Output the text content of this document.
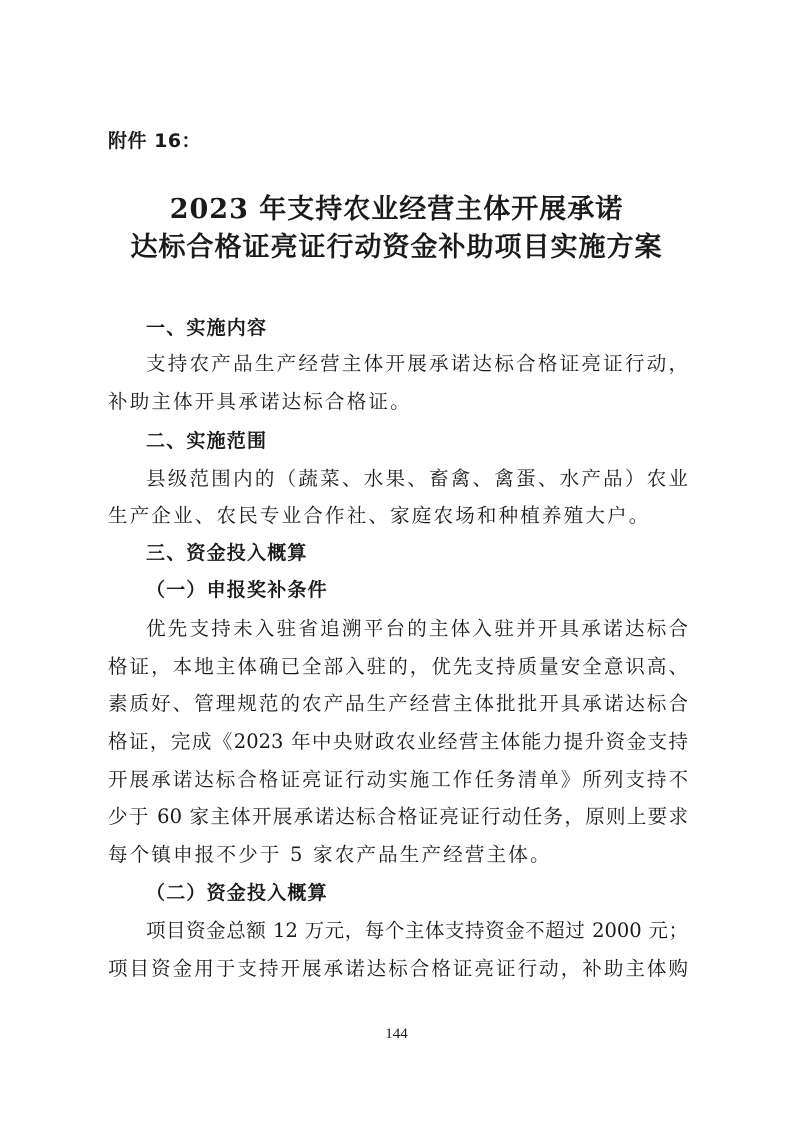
附件 16：
2023 年支持农业经营主体开展承诺
达标合格证亮证行动资金补助项目实施方案
一、实施内容
支持农产品生产经营主体开展承诺达标合格证亮证行动，
补助主体开具承诺达标合格证。
二、实施范围
县级范围内的（蔬菜、水果、畜禽、禽蛋、水产品）农业
生产企业、农民专业合作社、家庭农场和种植养殖大户。
三、资金投入概算
（一）申报奖补条件
优先支持未入驻省追溯平台的主体入驻并开具承诺达标合
格证，本地主体确已全部入驻的，优先支持质量安全意识高、
素质好、管理规范的农产品生产经营主体批批开具承诺达标合
格证，完成《2023 年中央财政农业经营主体能力提升资金支持
开展承诺达标合格证亮证行动实施工作任务清单》所列支持不
少于 60 家主体开展承诺达标合格证亮证行动任务，原则上要求
每个镇申报不少于 5 家农产品生产经营主体。
（二）资金投入概算
项目资金总额 12 万元，每个主体支持资金不超过 2000 元；
项目资金用于支持开展承诺达标合格证亮证行动，补助主体购
144
